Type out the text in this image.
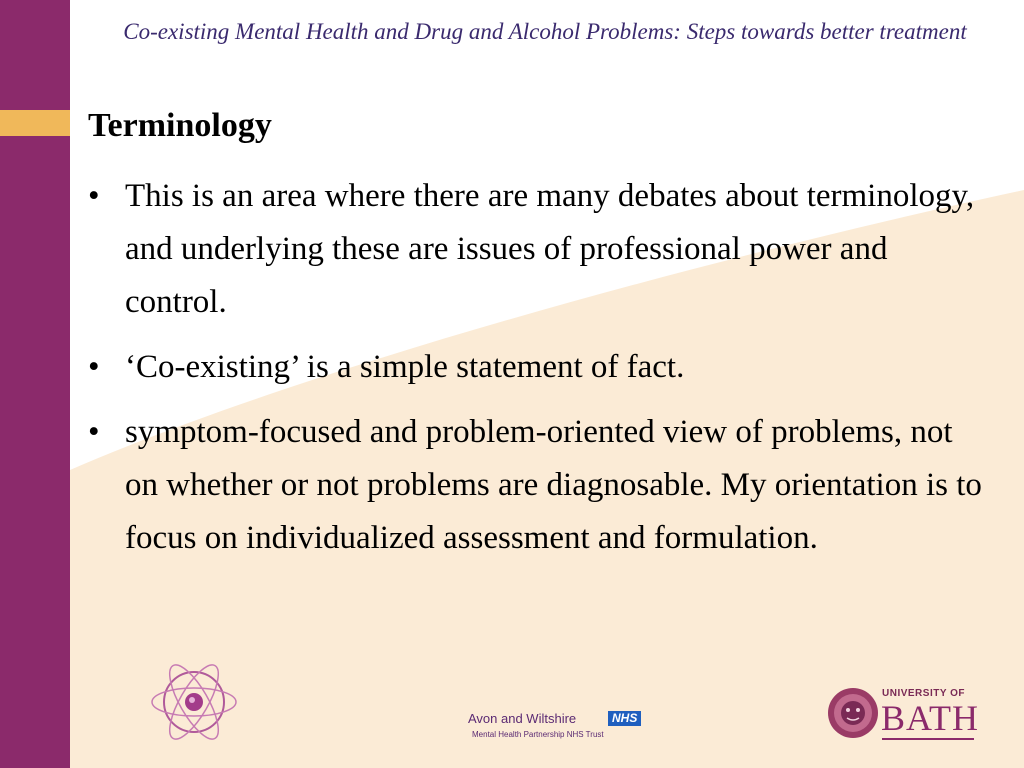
Co-existing Mental Health and Drug and Alcohol Problems: Steps towards better treatment
Terminology
• This is an area where there are many debates about terminology, and underlying these are issues of professional power and control.
• ‘Co-existing’ is a simple statement of fact.
• symptom-focused and problem-oriented view of problems, not on whether or not problems are diagnosable. My orientation is to focus on individualized assessment and formulation.
Avon and Wiltshire	NHS
Mental Health Partnership NHS Trust
UNIVERSITY OF
BATH
